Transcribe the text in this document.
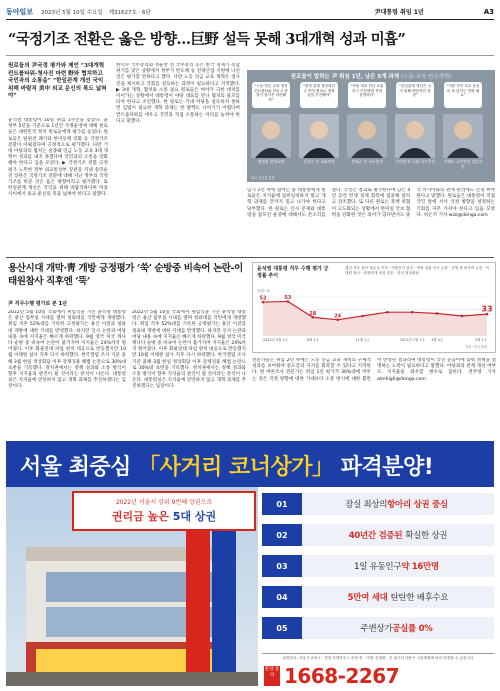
동아일보 2023년 5월 10일 수요일 제31627호 · 6판	尹대통령 취임 1년	A3
“국정기조 전환은 옳은 방향…巨野 설득 못해 3대개혁 성과 미흡”
원로들의 尹국정 평가와 제언 “3대개혁 컨트롤타워-청사진 마련 野와 협치하고 국민과의 소통을” “한일관계 개선 국익 위해 바람직 美中 외교 운신의 폭도 넓혀야”
윤석열 대통령이 10일 취임 1주년을 맞았다. 윤 정부 5년을 기준으로 1년간 국정운영에 대해 원로들은 대한민국 정치 원로들에게 평가를 들었다. 원로들은 탈원전 폐기와 한미동맹 강화 등 국정기조 전환이 이뤄졌다며 긍정적으로 평가했다. 다만 거대 야당과의 협치는 실종돼 연금 노동 교육 3대 개혁이 성과를 내지 못했다며 국민과의 소통을 강화해야 한다고 입을 모았다. ▶ 국정기조 전환 긍정 평가 노무현 정부 외교통상부 장관을 지낸 송민순 전 장관은 국정기조 전환에 대해 지난 정부의 국정기조를 바꾼 것은 옳은 방향이라고 평가했다. 또 한일관계 개선은 국익을 위해 바람직하다며 미중 사이에서 외교 운신의 폭을 넓혀야 한다고 말했다.
한덕수 국무총리와 정운찬 전 국무총리 등은 한국 경제가 복합위기를 맞은 상황에서 정부가 반도체 등 전략산업 지원에 나선 것은 평가할 만하다고 했다. 다만 노동 연금 교육 개혁은 청사진을 제시하고 국회를 설득하는 과정이 필요하다고 지적했다. ▶ 3대 개혁, 협치와 소통 필요 원로들은 여야가 극한 대치를 이어가는 상황에서 대통령이 야당 대표를 만나 협치의 물꼬를 터야 한다고 조언했다. 한 원로는 거대 야당을 설득하지 못하면 입법이 필요한 개혁 과제는 한 발짝도 나아가기 어렵다며 컨트롤타워를 세우고 국민과 직접 소통하는 자리를 늘려야 한다고 말했다.
임기 2년 차에 접어든 윤 대통령에게 원로들은 지지율에 일희일비하지 말고 개혁 과제를 끝까지 밀고 나가야 한다고 당부했다. 한 원로는 인사 문제와 대통령실 참모진 운영에 대해서도 쓴소리를 했다. 국민은 결과로 평가한다며 남은 4년 동안 민생 경제 회복에 집중해 달라고 강조했다. 또 다른 원로는 북핵 위협이 고도화되는 상황에서 한미일 안보 협력을 강화한 것은 의미가 있다면서도 중국 러시아와의 관계 관리에도 신경 써야 한다고 말했다. 원로들은 대통령이 직접 국민 앞에 서서 국정 방향을 설명하는 기회를 자주 가져야 한다고 입을 모았다. 위은지 기자 wizi@donga.com
원로들이 말하는 尹 취임 1년, 남은 5개 과제 (노동·교육·연금개혁)
“노동·연금 교육 개혁 컨트롤타워 만들고 중장기 청사진 마련해야”
“당정 관계 정상화하고 여야 협치로 개혁 입법 추진해야”
“야당 대표 만나 소통하고 국민에게 직접 설명하라”
“한일관계 개선은 국익 위해 바람직한 결정”
“미중 사이 외교 운신의 폭 넓히는 전략 필요”
정대철 헌정회장	김형오 전 국회의장	정세균 전 국무총리	유인태 전 국회 사무총장	이재오 국민의힘 상임고문
원로 인터뷰 종합
용산시대 개막·靑 개방 긍정평가 ‘쑥’ 순방중 비속어 논란-이태원참사 직후엔 ‘뚝’
尹 직무수행 평가로 본 1년
2022년 5월 10일 국회에서 취임식을 가진 윤석열 대통령은 용산 집무실 시대를 열며 청와대를 국민에게 개방했다. 취임 직후 52%대를 기록한 긍정평가는 용산 이전과 청와대 개방에 대한 기대를 반영했다. 하지만 인사 논란과 여당 내홍 속에 지지율은 빠르게 하락했다. 9월 영국 미국 캐나다 순방 중 비속어 논란이 불거지며 지지율은 24%까지 떨어졌다. 이후 화물연대 파업 원칙 대응으로 반등했지만 10월 이태원 참사 직후 다시 하락했다. 한국갤럽 조사 기준 올해 3월 한일 정상회담 이후 강제징용 해법 논란으로 30%대 초반을 기록했다. 정치권에서는 정책 성과와 소통 방식이 향후 지지율의 관건이 될 것이라는 분석이 나온다. 대통령실은 지지율에 연연하지 않고 개혁 과제를 추진하겠다는 입장이다.
2022년 5월 10일 국회에서 취임식을 가진 윤석열 대통령은 용산 집무실 시대를 열며 청와대를 국민에게 개방했다. 취임 직후 52%대를 기록한 긍정평가는 용산 이전과 청와대 개방에 대한 기대를 반영했다. 하지만 인사 논란과 여당 내홍 속에 지지율은 빠르게 하락했다. 9월 영국 미국 캐나다 순방 중 비속어 논란이 불거지며 지지율은 24%까지 떨어졌다. 이후 화물연대 파업 원칙 대응으로 반등했지만 10월 이태원 참사 직후 다시 하락했다. 한국갤럽 조사 기준 올해 3월 한일 정상회담 이후 강제징용 해법 논란으로 30%대 초반을 기록했다. 정치권에서는 정책 성과와 소통 방식이 향후 지지율의 관건이 될 것이라는 분석이 나온다. 대통령실은 지지율에 연연하지 않고 개혁 과제를 추진하겠다는 입장이다.
전문가들은 취임 2년 차에는 노동 연금 교육 개혁의 구체적 성과를 보여줘야 중도층의 지지를 회복할 수 있다고 지적한다. 한 여론조사 전문가는 취임 1년 평가가 30%대에 머무는 것은 국정 방향에 대한 기대보다 소통 방식에 대한 불만이 반영된 결과라며 대통령이 국민 눈높이에 맞춰 정책을 설명하는 노력이 필요하다고 말했다. 야당과의 관계 개선 여부도 지지율을 좌우할 변수로 꼽힌다. 전주영 기자 aimhigh@donga.com
윤석열 대통령 직무 수행 평가 긍정률 추이
단위: %
취임 직후 용산 집무실 이전 · 지방선거 압승 · 여당 내홍·인사 논란 · 순방 중 비속어 논란 · 이태원 참사 · 화물연대 파업 대응 · 한일 정상회담
52	53
28	24
33
2022년 5월 2주	8월 1주	11월 1주	2023년 1월 1주 3월 4주	5월 1주
자료: 한국갤럽
서울 최중심 「사거리 코너상가」 파격분양!
2022년 서울시 상위 9번째 상권으로
권리금 높은 5대 상권
01	잠실 최상의 항아리 상권 중심
02	40년간 검증된 확실한 상권
03	1일 유동인구 약 16만명
04	5만여 세대 탄탄한 배후수요
05	주변상가 공실률 0%
분양문의: 서울시 송파구 · 현장 모델하우스 운영 중 · 시행: 롯데원 · 본 광고의 내용은 사업계획에 따라 변경될 수 있습니다
분양 문의 1668-2267
